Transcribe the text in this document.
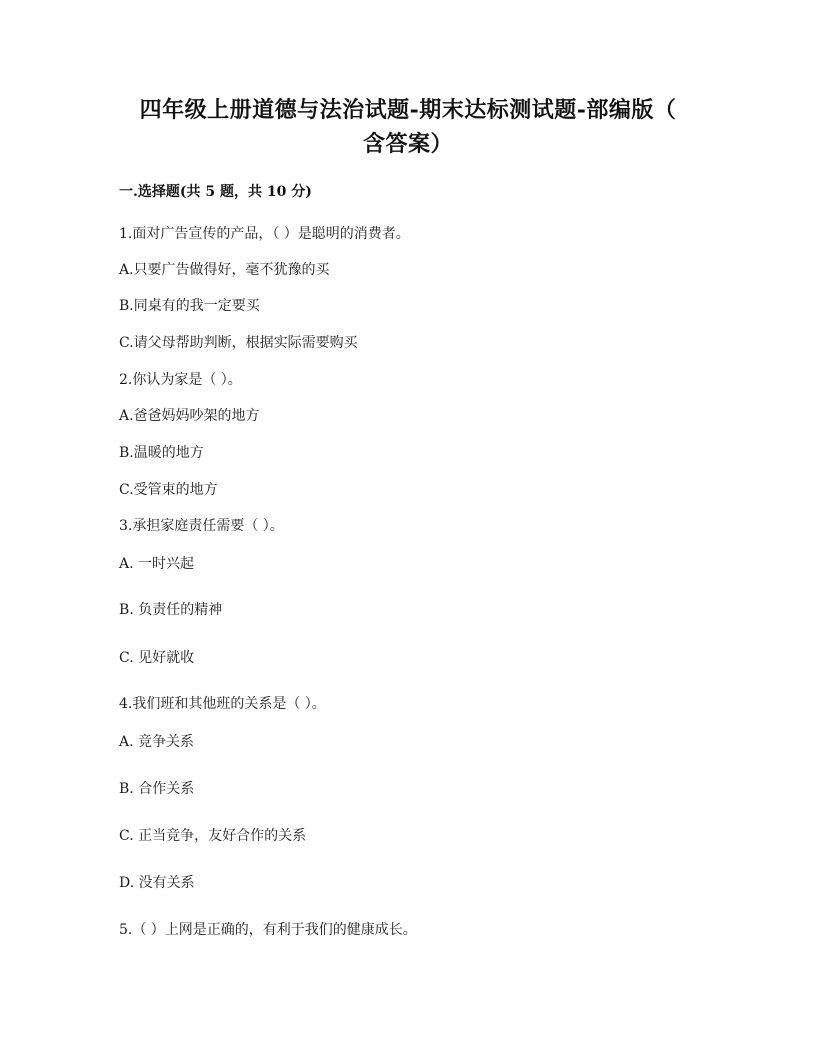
四年级上册道德与法治试题-期末达标测试题-部编版（
含答案）
一.选择题(共 5 题，共 10 分)
1.面对广告宣传的产品，（ ）是聪明的消费者。
A.只要广告做得好，毫不犹豫的买
B.同桌有的我一定要买
C.请父母帮助判断，根据实际需要购买
2.你认为家是（ ）。
A.爸爸妈妈吵架的地方
B.温暖的地方
C.受管束的地方
3.承担家庭责任需要（ ）。
A. 一时兴起
B. 负责任的精神
C. 见好就收
4.我们班和其他班的关系是（ ）。
A. 竞争关系
B. 合作关系
C. 正当竞争，友好合作的关系
D. 没有关系
5.（ ）上网是正确的，有利于我们的健康成长。
